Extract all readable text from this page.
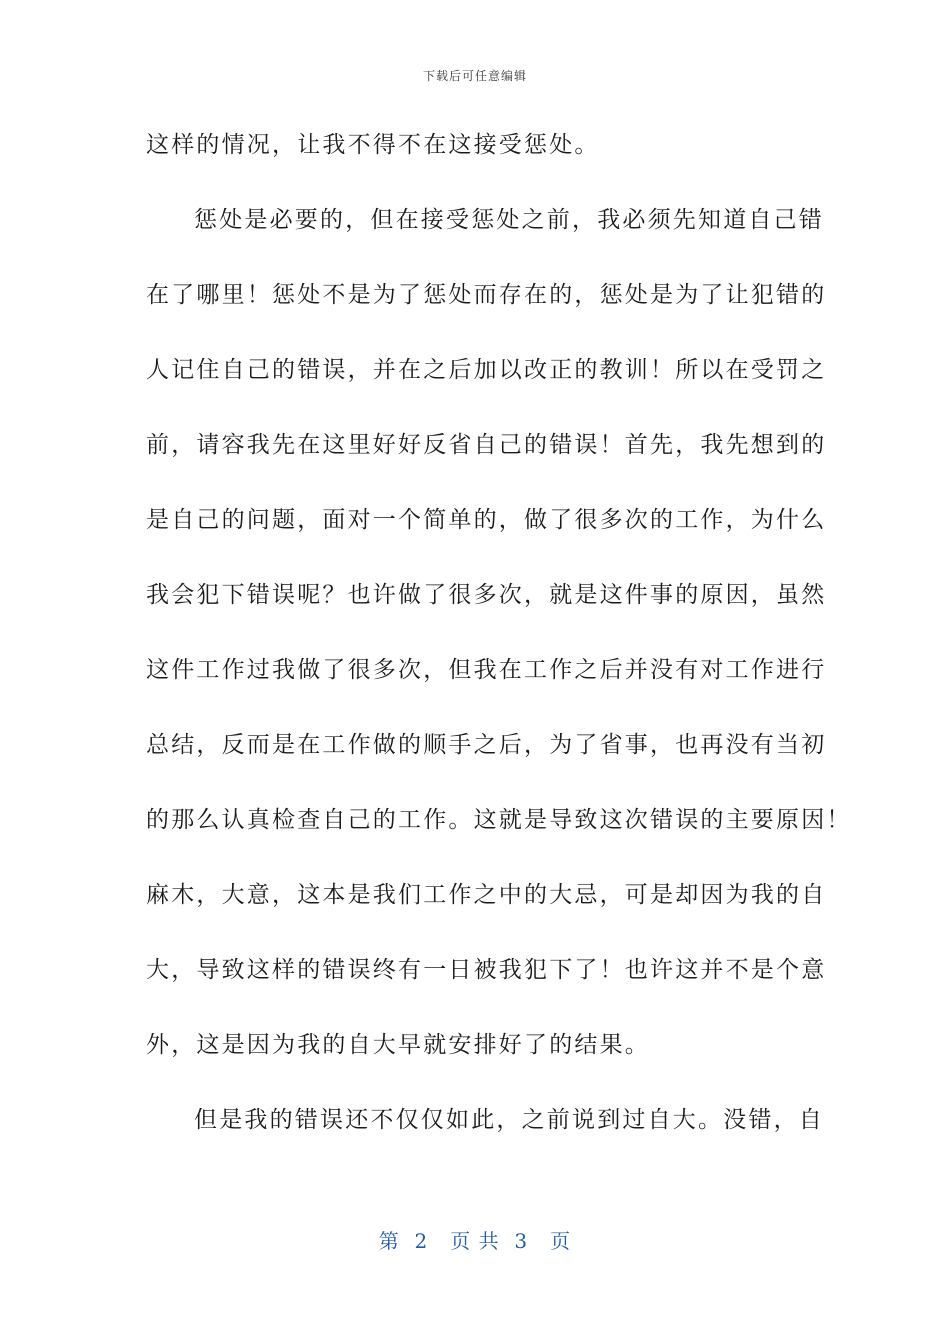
下载后可任意编辑
这样的情况，让我不得不在这接受惩处。
惩处是必要的，但在接受惩处之前，我必须先知道自己错
在了哪里！惩处不是为了惩处而存在的，惩处是为了让犯错的
人记住自己的错误，并在之后加以改正的教训！所以在受罚之
前，请容我先在这里好好反省自己的错误！首先，我先想到的
是自己的问题，面对一个简单的，做了很多次的工作，为什么
我会犯下错误呢？也许做了很多次，就是这件事的原因，虽然
这件工作过我做了很多次，但我在工作之后并没有对工作进行
总结，反而是在工作做的顺手之后，为了省事，也再没有当初
的那么认真检查自己的工作。这就是导致这次错误的主要原因！
麻木，大意，这本是我们工作之中的大忌，可是却因为我的自
大，导致这样的错误终有一日被我犯下了！也许这并不是个意
外，这是因为我的自大早就安排好了的结果。
但是我的错误还不仅仅如此，之前说到过自大。没错，自
第  2   页 共  3   页
